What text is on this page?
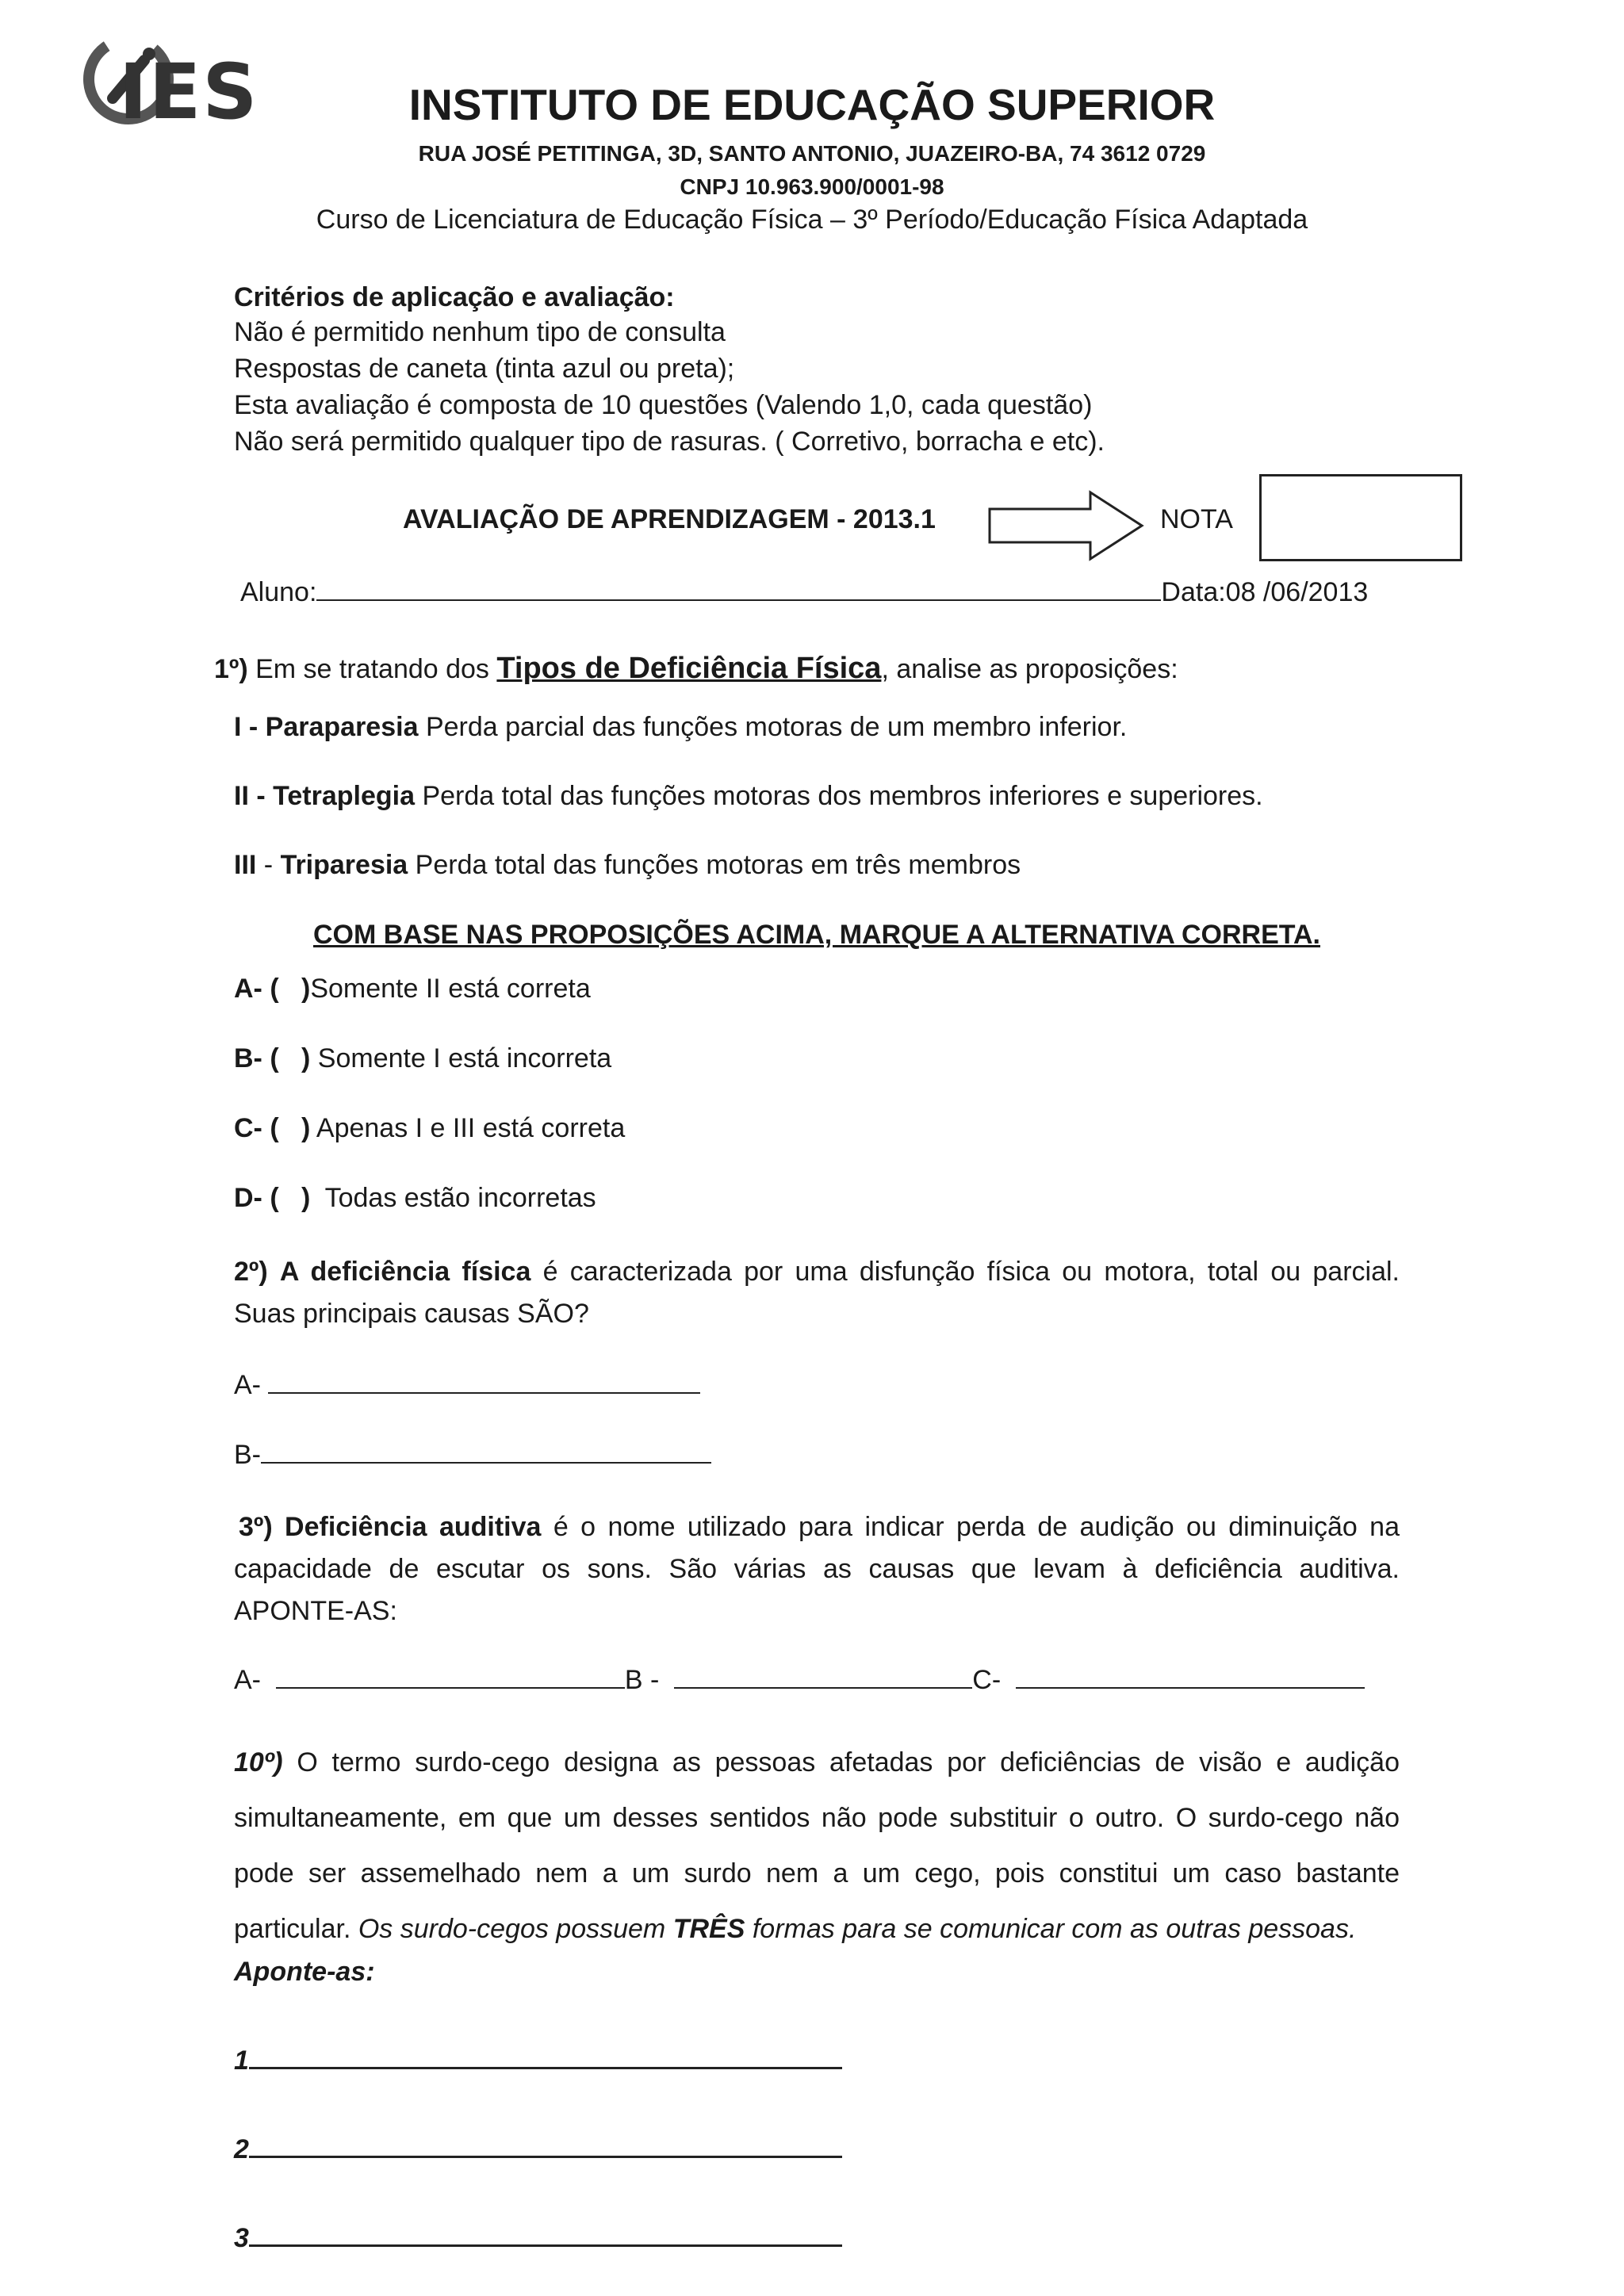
IES	INSTITUTO DE EDUCAÇÃO SUPERIOR
RUA JOSÉ PETITINGA, 3D, SANTO ANTONIO, JUAZEIRO-BA, 74 3612 0729
CNPJ 10.963.900/0001-98
Curso de Licenciatura de Educação Física – 3º Período/Educação Física Adaptada
Critérios de aplicação e avaliação:
Não é permitido nenhum tipo de consulta
Respostas de caneta (tinta azul ou preta);
Esta avaliação é composta de 10 questões (Valendo 1,0, cada questão)
Não será permitido qualquer tipo de rasuras. ( Corretivo, borracha e etc).
AVALIAÇÃO DE APRENDIZAGEM - 2013.1	NOTA
Aluno:	Data:08 /06/2013
1º) Em se tratando dos Tipos de Deficiência Física, analise as proposições:
I - Paraparesia Perda parcial das funções motoras de um membro inferior.
II - Tetraplegia Perda total das funções motoras dos membros inferiores e superiores.
III - Triparesia Perda total das funções motoras em três membros
COM BASE NAS PROPOSIÇÕES ACIMA, MARQUE A ALTERNATIVA CORRETA.
A- ( )Somente II está correta
B- ( ) Somente I está incorreta
C- ( ) Apenas I e III está correta
D- ( ) Todas estão incorretas
2º) A deficiência física é caracterizada por uma disfunção física ou motora, total ou parcial. Suas principais causas SÃO?
A-
B-
3º) Deficiência auditiva é o nome utilizado para indicar perda de audição ou diminuição na capacidade de escutar os sons. São várias as causas que levam à deficiência auditiva. APONTE-AS:
A-	B -	C-
10º) O termo surdo-cego designa as pessoas afetadas por deficiências de visão e audição simultaneamente, em que um desses sentidos não pode substituir o outro. O surdo-cego não pode ser assemelhado nem a um surdo nem a um cego, pois constitui um caso bastante particular. Os surdo-cegos possuem TRÊS formas para se comunicar com as outras pessoas.
Aponte-as:
1
2
3
